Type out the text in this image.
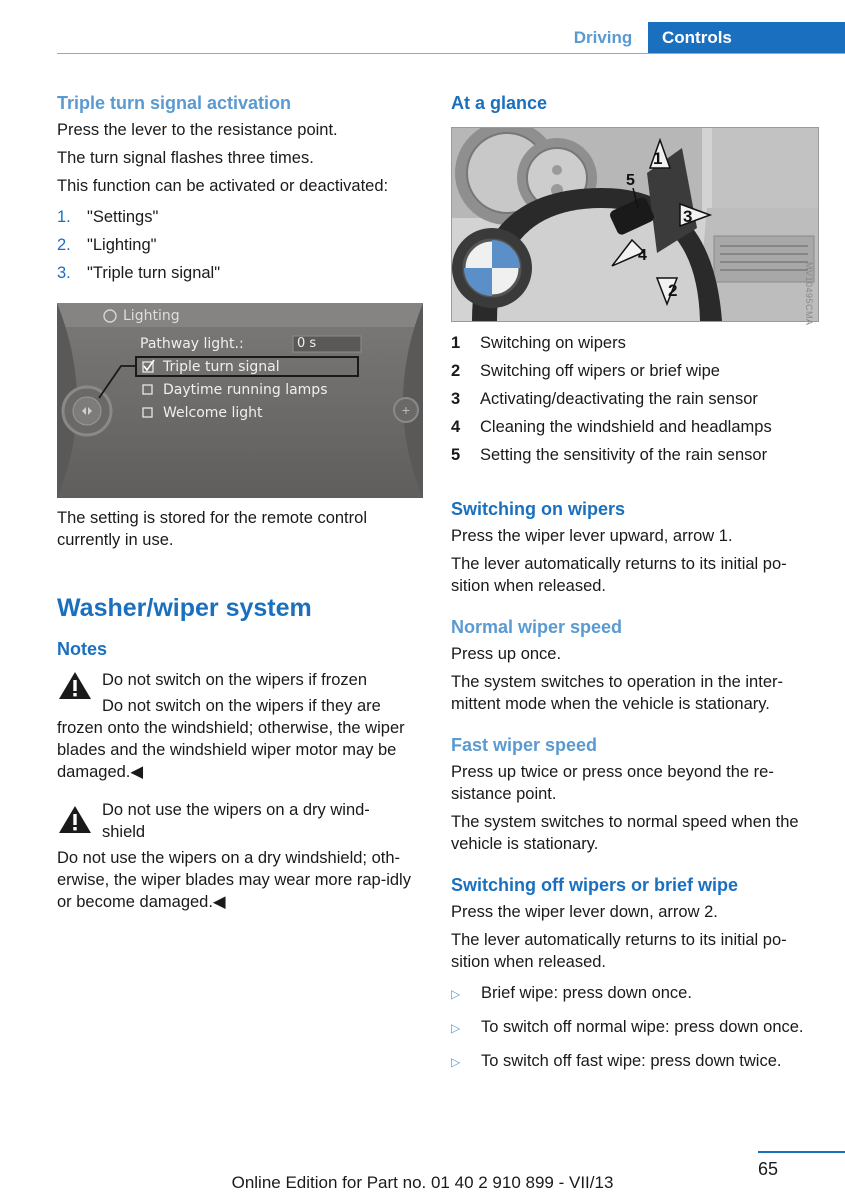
Driving	Controls
Triple turn signal activation

Press the lever to the resistance point.

The turn signal flashes three times.

This function can be activated or deactivated:

1. "Settings"
2. "Lighting"
3. "Triple turn signal"
+
Lighting
Pathway light.:	0 s
Triple turn signal
Daytime running lamps
Welcome light

The setting is stored for the remote control currently in use.

Washer/wiper system
Notes
Do not switch on the wipers if frozen

Do not switch on the wipers if they are frozen onto the windshield; otherwise, the wiper blades and the windshield wiper motor may be damaged.◀

Do not use the wipers on a dry wind-shield

Do not use the wipers on a dry windshield; oth-erwise, the wiper blades may wear more rap-idly or become damaged.◀

At a glance
1
2
3
4
5
MV10495CMA
1	Switching on wipers
2	Switching off wipers or brief wipe
3	Activating/deactivating the rain sensor
4	Cleaning the windshield and headlamps
5	Setting the sensitivity of the rain sensor
Switching on wipers

Press the wiper lever upward, arrow 1.

The lever automatically returns to its initial po-sition when released.

Normal wiper speed

Press up once.

The system switches to operation in the inter-mittent mode when the vehicle is stationary.

Fast wiper speed

Press up twice or press once beyond the re-sistance point.

The system switches to normal speed when the vehicle is stationary.

Switching off wipers or brief wipe

Press the wiper lever down, arrow 2.

The lever automatically returns to its initial po-sition when released.

▷	Brief wipe: press down once.
▷	To switch off normal wipe: press down once.
▷	To switch off fast wipe: press down twice.
65
Online Edition for Part no. 01 40 2 910 899 - VII/13
